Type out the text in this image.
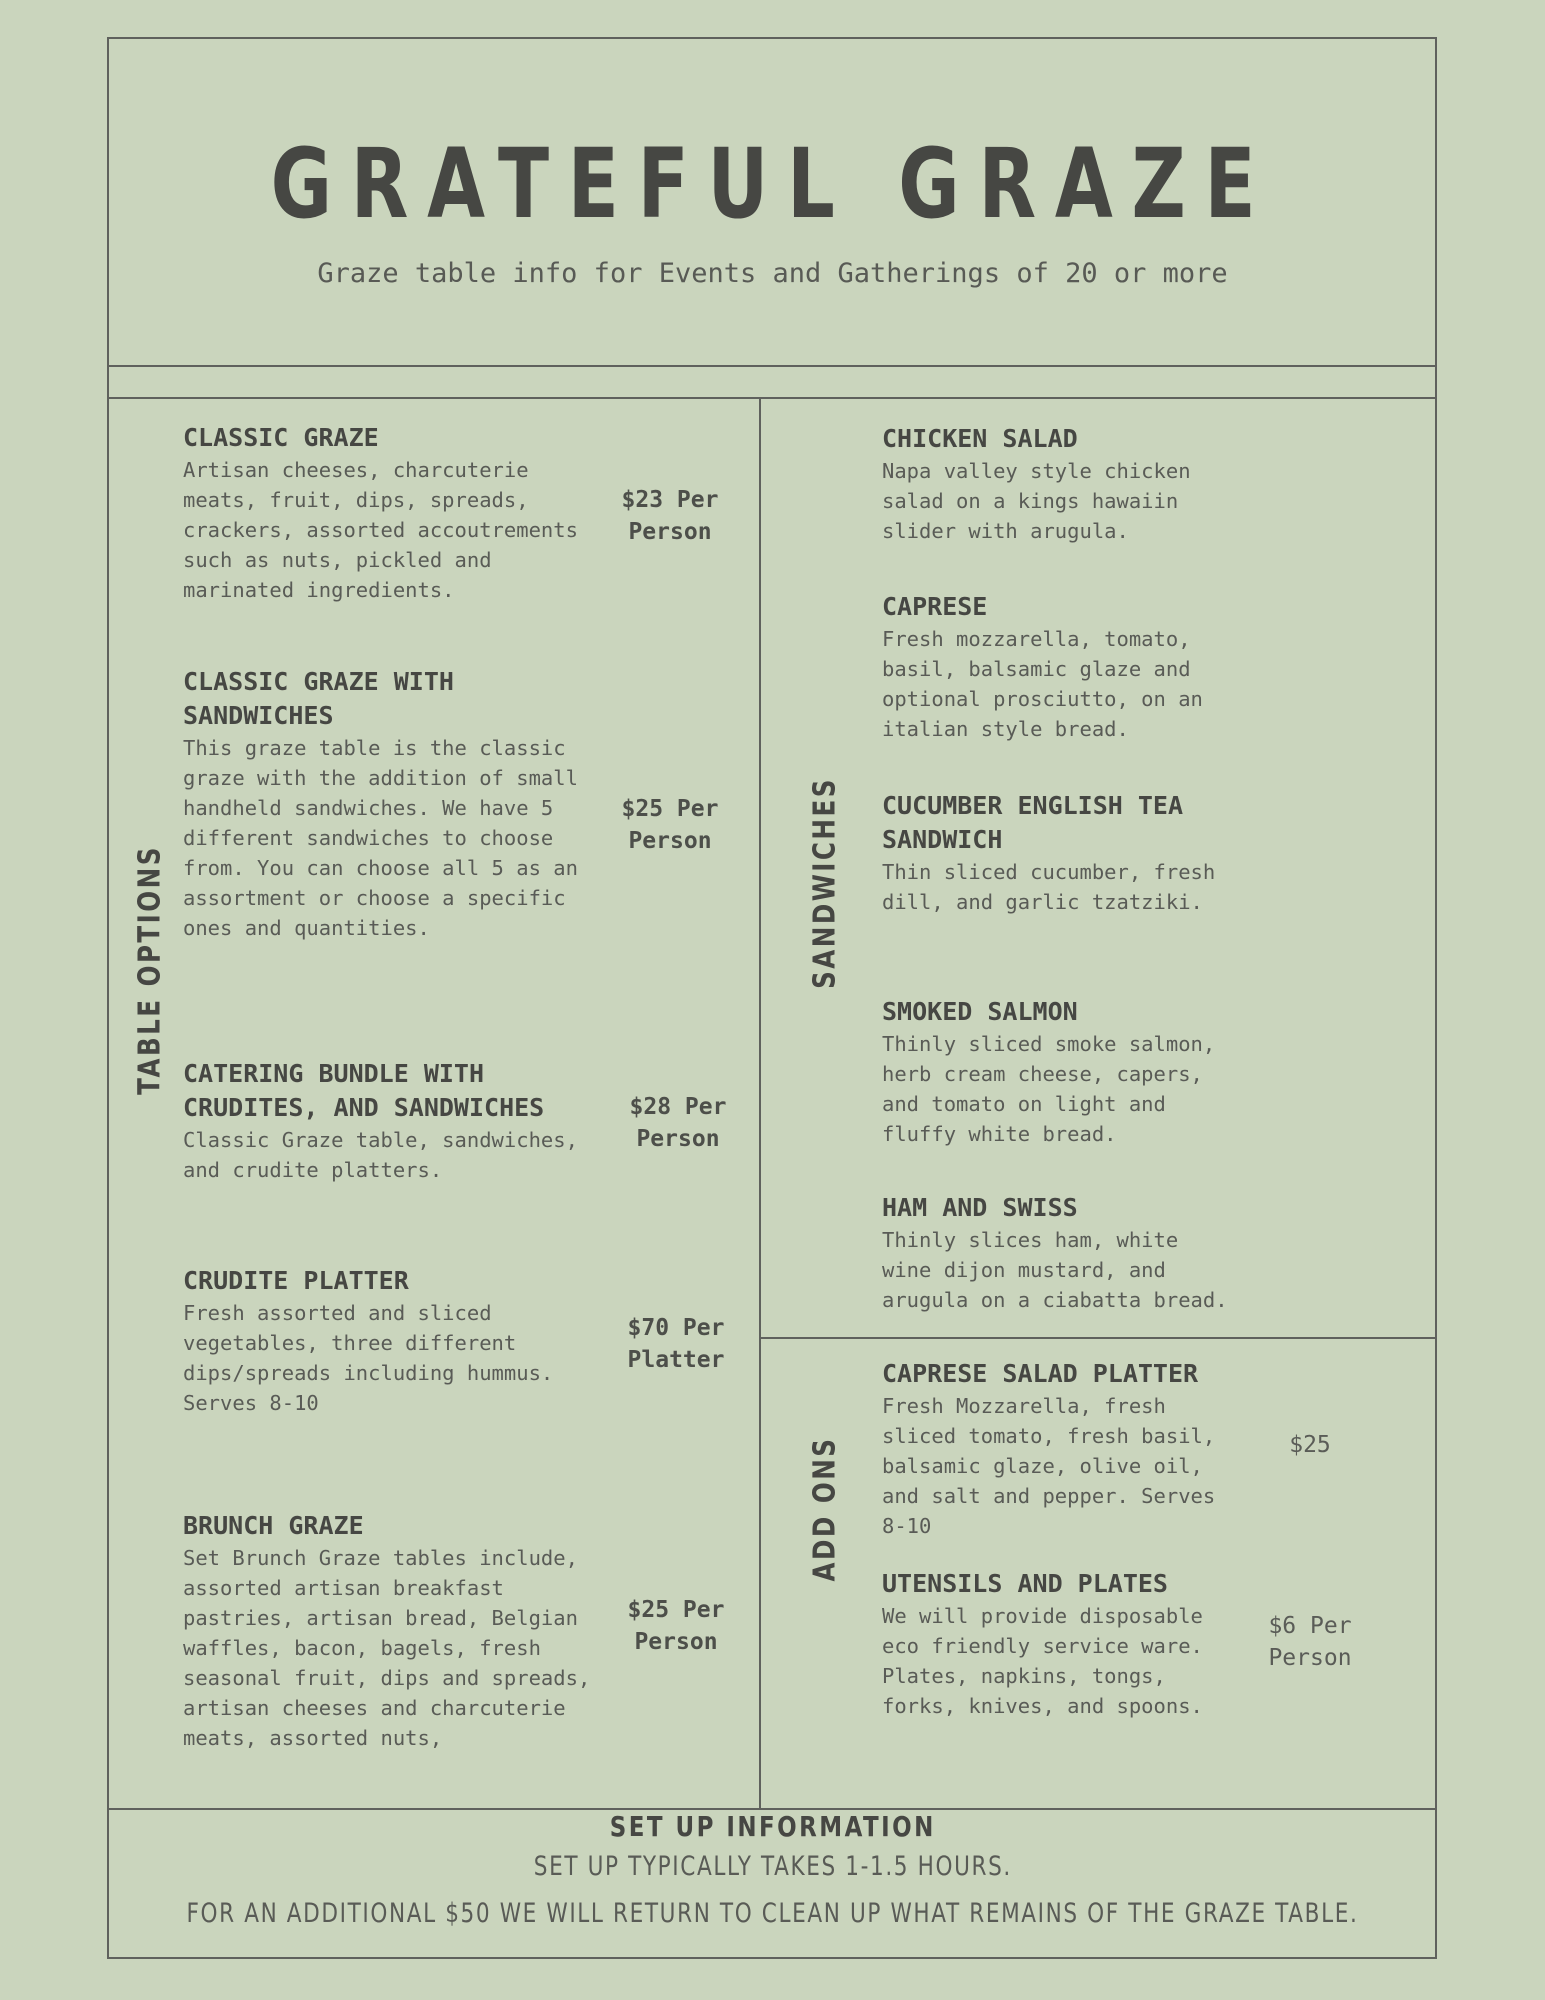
GRATEFUL GRAZE
Graze table info for Events and Gatherings of 20 or more
TABLE OPTIONS	SANDWICHES
ADD ONS
CLASSIC GRAZE

Artisan cheeses, charcuterie
meats, fruit, dips, spreads,
crackers, assorted accoutrements
such as nuts, pickled and
marinated ingredients.

$23 Per
Person
CLASSIC GRAZE WITH
SANDWICHES

This graze table is the classic
graze with the addition of small
handheld sandwiches. We have 5
different sandwiches to choose
from. You can choose all 5 as an
assortment or choose a specific
ones and quantities.

$25 Per
Person
CATERING BUNDLE WITH
CRUDITES, AND SANDWICHES

Classic Graze table, sandwiches,
and crudite platters.

$28 Per
Person
CRUDITE PLATTER

Fresh assorted and sliced
vegetables, three different
dips/spreads including hummus.
Serves 8-10

$70 Per
Platter
BRUNCH GRAZE

Set Brunch Graze tables include,
assorted artisan breakfast
pastries, artisan bread, Belgian
waffles, bacon, bagels, fresh
seasonal fruit, dips and spreads,
artisan cheeses and charcuterie
meats, assorted nuts,

$25 Per
Person
CHICKEN SALAD

Napa valley style chicken
salad on a kings hawaiin
slider with arugula.

CAPRESE

Fresh mozzarella, tomato,
basil, balsamic glaze and
optional prosciutto, on an
italian style bread.

CUCUMBER ENGLISH TEA
SANDWICH

Thin sliced cucumber, fresh
dill, and garlic tzatziki.

SMOKED SALMON

Thinly sliced smoke salmon,
herb cream cheese, capers,
and tomato on light and
fluffy white bread.

HAM AND SWISS

Thinly slices ham, white
wine dijon mustard, and
arugula on a ciabatta bread.

CAPRESE SALAD PLATTER

Fresh Mozzarella, fresh
sliced tomato, fresh basil,
balsamic glaze, olive oil,
and salt and pepper. Serves
8-10

$25
UTENSILS AND PLATES

We will provide disposable
eco friendly service ware.
Plates, napkins, tongs,
forks, knives, and spoons.

$6 Per
Person
SET UP INFORMATION
SET UP TYPICALLY TAKES 1-1.5 HOURS.
FOR AN ADDITIONAL $50 WE WILL RETURN TO CLEAN UP WHAT REMAINS OF THE GRAZE TABLE.
